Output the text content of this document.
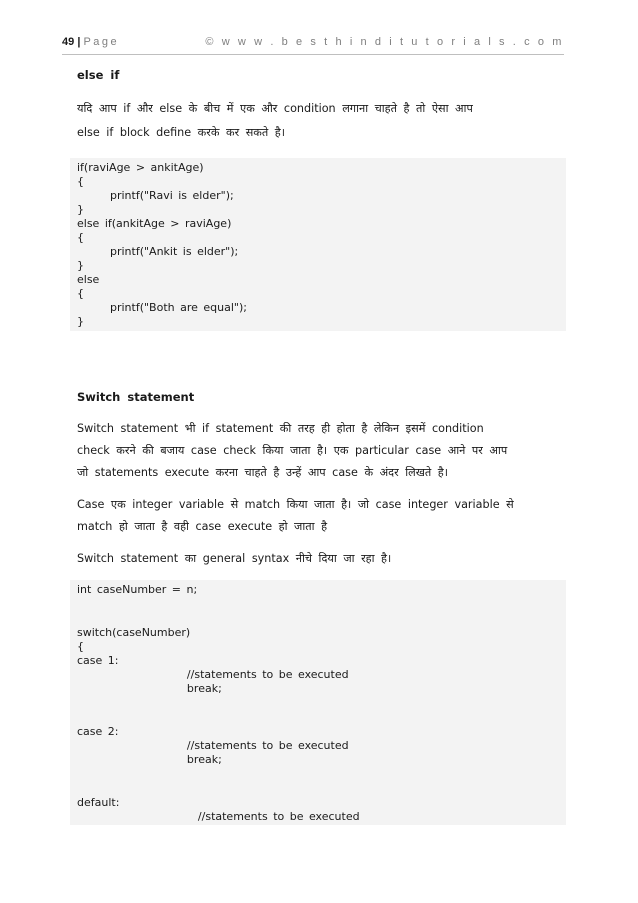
49 | Page	© w w w . b e s t h i n d i t u t o r i a l s . c o m
else if
यदि आप if और else के बीच में एक और condition लगाना चाहते है तो ऐसा आप
else if block define करके कर सकते है।
if(raviAge > ankitAge)
{
printf("Ravi is elder");
}
else if(ankitAge > raviAge)
{
printf("Ankit is elder");
}
else
{
printf("Both are equal");
}
Switch statement
Switch statement भी if statement की तरह ही होता है लेकिन इसमें condition
check करने की बजाय case check किया जाता है। एक particular case आने पर आप
जो statements execute करना चाहते है उन्हें आप case के अंदर लिखते है।
Case एक integer variable से match किया जाता है। जो case integer variable से
match हो जाता है वही case execute हो जाता है
Switch statement का general syntax नीचे दिया जा रहा है।
int caseNumber = n;
switch(caseNumber)
{
case 1:
//statements to be executed
break;
case 2:
//statements to be executed
break;
default:
//statements to be executed
